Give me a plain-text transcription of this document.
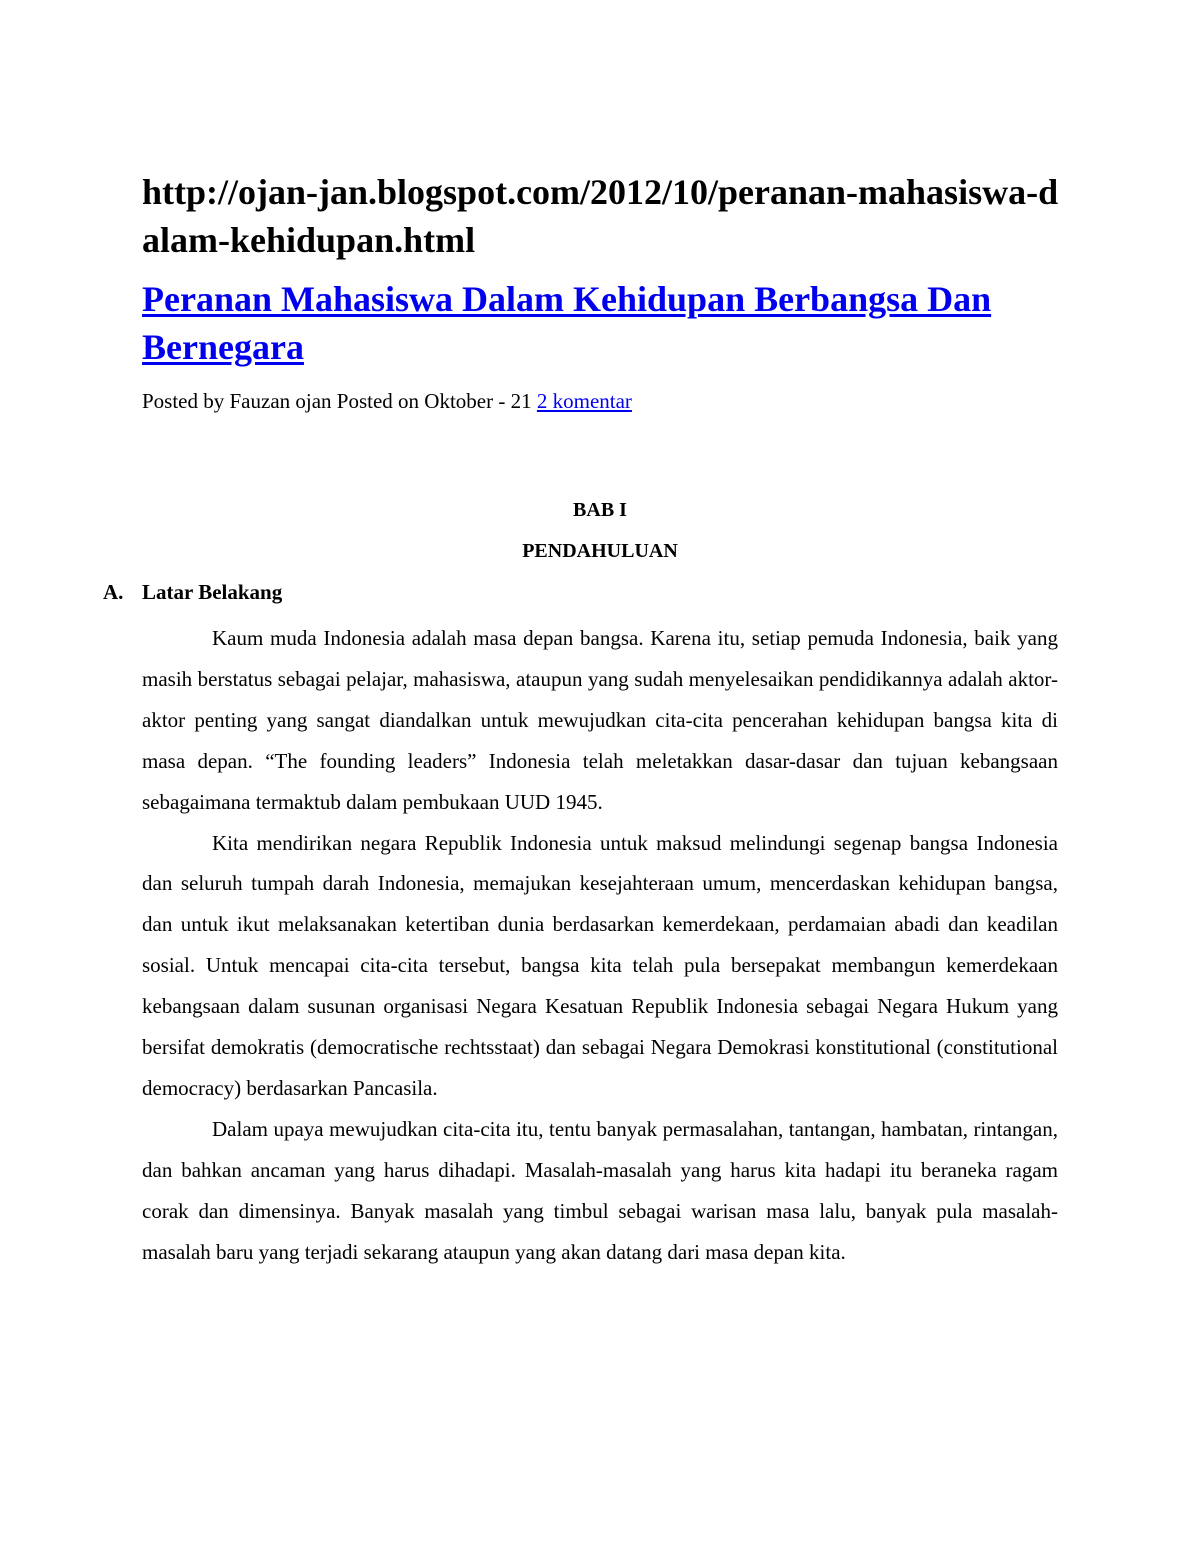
http://ojan-jan.blogspot.com/2012/10/peranan-mahasiswa-dalam-kehidupan.html
Peranan Mahasiswa Dalam Kehidupan Berbangsa Dan Bernegara

Posted by Fauzan ojan Posted on Oktober - 21 2 komentar

BAB I

PENDAHULUAN

A. Latar Belakang

Kaum muda Indonesia adalah masa depan bangsa. Karena itu, setiap pemuda Indonesia, baik yang masih berstatus sebagai pelajar, mahasiswa, ataupun yang sudah menyelesaikan pendidikannya adalah aktor-aktor penting yang sangat diandalkan untuk mewujudkan cita-cita pencerahan kehidupan bangsa kita di masa depan. “The founding leaders” Indonesia telah meletakkan dasar-dasar dan tujuan kebangsaan sebagaimana termaktub dalam pembukaan UUD 1945.

Kita mendirikan negara Republik Indonesia untuk maksud melindungi segenap bangsa Indonesia dan seluruh tumpah darah Indonesia, memajukan kesejahteraan umum, mencerdaskan kehidupan bangsa, dan untuk ikut melaksanakan ketertiban dunia berdasarkan kemerdekaan, perdamaian abadi dan keadilan sosial. Untuk mencapai cita-cita tersebut, bangsa kita telah pula bersepakat membangun kemerdekaan kebangsaan dalam susunan organisasi Negara Kesatuan Republik Indonesia sebagai Negara Hukum yang bersifat demokratis (democratische rechtsstaat) dan sebagai Negara Demokrasi konstitutional (constitutional democracy) berdasarkan Pancasila.

Dalam upaya mewujudkan cita-cita itu, tentu banyak permasalahan, tantangan, hambatan, rintangan, dan bahkan ancaman yang harus dihadapi. Masalah-masalah yang harus kita hadapi itu beraneka ragam corak dan dimensinya. Banyak masalah yang timbul sebagai warisan masa lalu, banyak pula masalah-masalah baru yang terjadi sekarang ataupun yang akan datang dari masa depan kita.
